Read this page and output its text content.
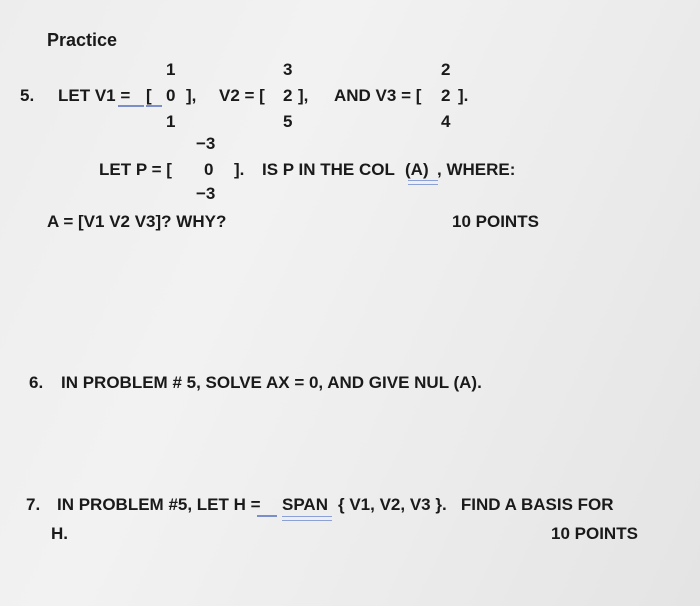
Practice
5. LET V1 = [
1
0
1
], V2 = [
3
2
5
], AND V3 = [
2
2
4
].
LET P = [
−3
0
−3
]. IS P IN THE COL (A) , WHERE:
A = [V1 V2 V3]? WHY?	10 POINTS
6. IN PROBLEM # 5, SOLVE AX = 0, AND GIVE NUL (A).
7. IN PROBLEM #5, LET H = SPAN { V1, V2, V3 }.   FIND A BASIS FOR
H.	10 POINTS
